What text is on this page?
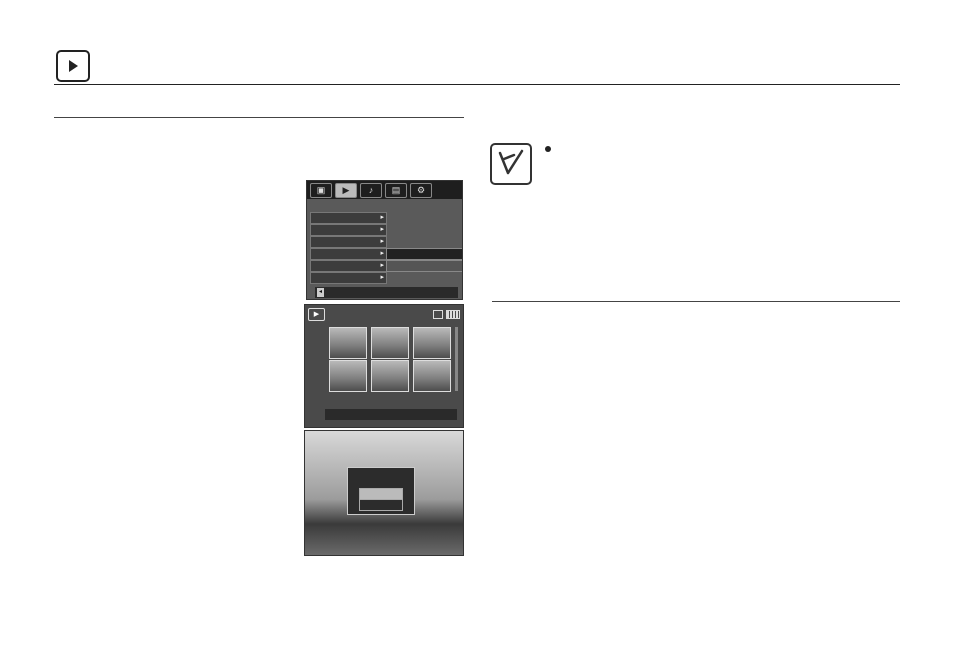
▣	▶	♪	▤	⚙
▸
▸
▸
▸
▸
▸
◂
▶
